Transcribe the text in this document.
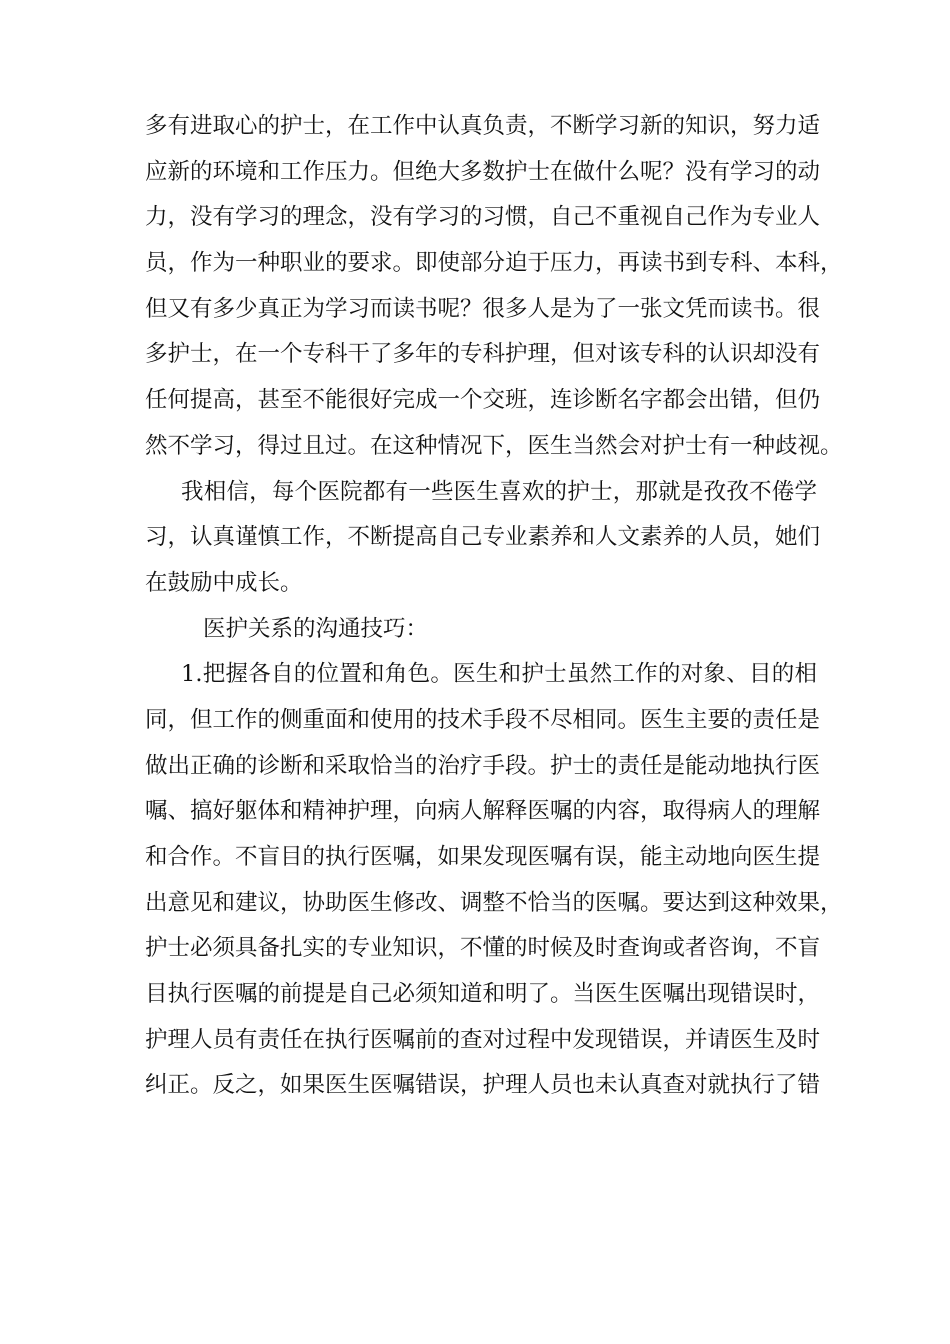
多有进取心的护士，在工作中认真负责，不断学习新的知识，努力适
应新的环境和工作压力。但绝大多数护士在做什么呢？没有学习的动
力，没有学习的理念，没有学习的习惯，自己不重视自己作为专业人
员，作为一种职业的要求。即使部分迫于压力，再读书到专科、本科，
但又有多少真正为学习而读书呢？很多人是为了一张文凭而读书。很
多护士，在一个专科干了多年的专科护理，但对该专科的认识却没有
任何提高，甚至不能很好完成一个交班，连诊断名字都会出错，但仍
然不学习，得过且过。在这种情况下，医生当然会对护士有一种歧视。
我相信，每个医院都有一些医生喜欢的护士，那就是孜孜不倦学
习，认真谨慎工作，不断提高自己专业素养和人文素养的人员，她们
在鼓励中成长。
医护关系的沟通技巧：
1.把握各自的位置和角色。医生和护士虽然工作的对象、目的相
同，但工作的侧重面和使用的技术手段不尽相同。医生主要的责任是
做出正确的诊断和采取恰当的治疗手段。护士的责任是能动地执行医
嘱、搞好躯体和精神护理，向病人解释医嘱的内容，取得病人的理解
和合作。不盲目的执行医嘱，如果发现医嘱有误，能主动地向医生提
出意见和建议，协助医生修改、调整不恰当的医嘱。要达到这种效果，
护士必须具备扎实的专业知识，不懂的时候及时查询或者咨询，不盲
目执行医嘱的前提是自己必须知道和明了。当医生医嘱出现错误时，
护理人员有责任在执行医嘱前的查对过程中发现错误，并请医生及时
纠正。反之，如果医生医嘱错误，护理人员也未认真查对就执行了错
